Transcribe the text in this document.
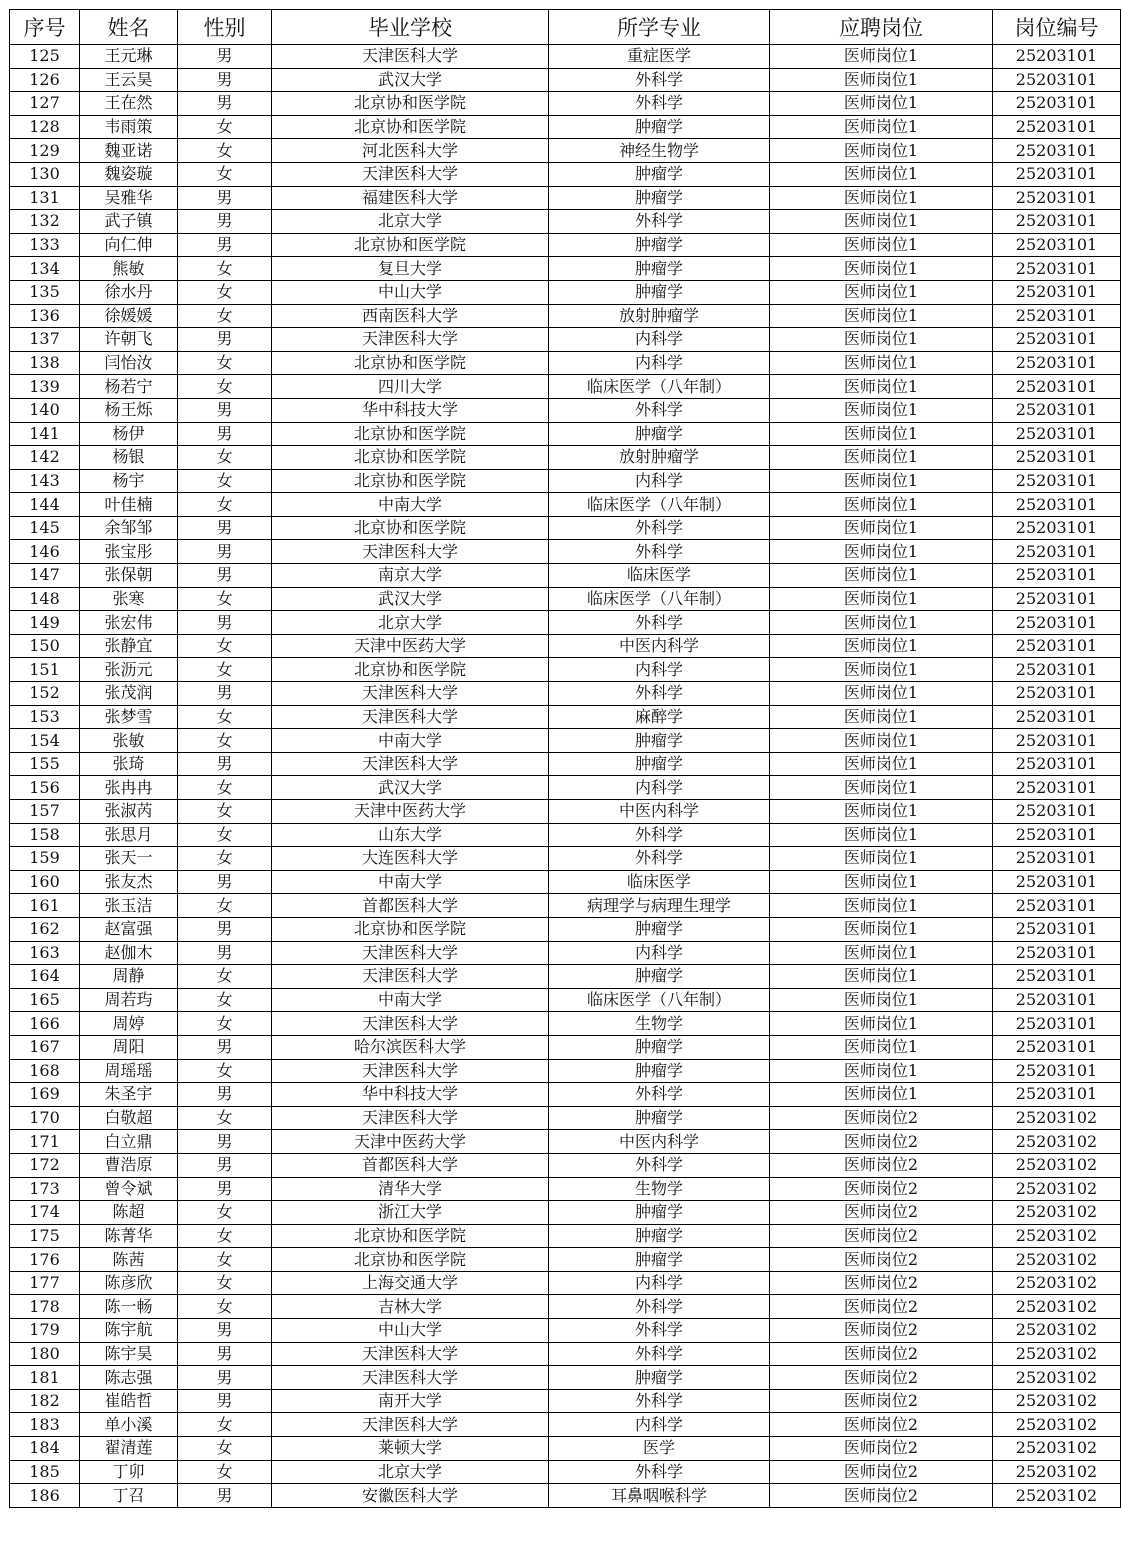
序号	姓名	性别	毕业学校	所学专业	应聘岗位	岗位编号
125	王元琳	男	天津医科大学	重症医学	医师岗位1	25203101
126	王云昊	男	武汉大学	外科学	医师岗位1	25203101
127	王在然	男	北京协和医学院	外科学	医师岗位1	25203101
128	韦雨策	女	北京协和医学院	肿瘤学	医师岗位1	25203101
129	魏亚诺	女	河北医科大学	神经生物学	医师岗位1	25203101
130	魏姿璇	女	天津医科大学	肿瘤学	医师岗位1	25203101
131	吴雅华	男	福建医科大学	肿瘤学	医师岗位1	25203101
132	武子镇	男	北京大学	外科学	医师岗位1	25203101
133	向仁伸	男	北京协和医学院	肿瘤学	医师岗位1	25203101
134	熊敏	女	复旦大学	肿瘤学	医师岗位1	25203101
135	徐水丹	女	中山大学	肿瘤学	医师岗位1	25203101
136	徐媛媛	女	西南医科大学	放射肿瘤学	医师岗位1	25203101
137	许朝飞	男	天津医科大学	内科学	医师岗位1	25203101
138	闫怡汝	女	北京协和医学院	内科学	医师岗位1	25203101
139	杨若宁	女	四川大学	临床医学（八年制）	医师岗位1	25203101
140	杨王烁	男	华中科技大学	外科学	医师岗位1	25203101
141	杨伊	男	北京协和医学院	肿瘤学	医师岗位1	25203101
142	杨银	女	北京协和医学院	放射肿瘤学	医师岗位1	25203101
143	杨宇	女	北京协和医学院	内科学	医师岗位1	25203101
144	叶佳楠	女	中南大学	临床医学（八年制）	医师岗位1	25203101
145	余邹邹	男	北京协和医学院	外科学	医师岗位1	25203101
146	张宝彤	男	天津医科大学	外科学	医师岗位1	25203101
147	张保朝	男	南京大学	临床医学	医师岗位1	25203101
148	张寒	女	武汉大学	临床医学（八年制）	医师岗位1	25203101
149	张宏伟	男	北京大学	外科学	医师岗位1	25203101
150	张静宜	女	天津中医药大学	中医内科学	医师岗位1	25203101
151	张沥元	女	北京协和医学院	内科学	医师岗位1	25203101
152	张茂润	男	天津医科大学	外科学	医师岗位1	25203101
153	张梦雪	女	天津医科大学	麻醉学	医师岗位1	25203101
154	张敏	女	中南大学	肿瘤学	医师岗位1	25203101
155	张琦	男	天津医科大学	肿瘤学	医师岗位1	25203101
156	张冉冉	女	武汉大学	内科学	医师岗位1	25203101
157	张淑芮	女	天津中医药大学	中医内科学	医师岗位1	25203101
158	张思月	女	山东大学	外科学	医师岗位1	25203101
159	张天一	女	大连医科大学	外科学	医师岗位1	25203101
160	张友杰	男	中南大学	临床医学	医师岗位1	25203101
161	张玉洁	女	首都医科大学	病理学与病理生理学	医师岗位1	25203101
162	赵富强	男	北京协和医学院	肿瘤学	医师岗位1	25203101
163	赵伽木	男	天津医科大学	内科学	医师岗位1	25203101
164	周静	女	天津医科大学	肿瘤学	医师岗位1	25203101
165	周若玙	女	中南大学	临床医学（八年制）	医师岗位1	25203101
166	周婷	女	天津医科大学	生物学	医师岗位1	25203101
167	周阳	男	哈尔滨医科大学	肿瘤学	医师岗位1	25203101
168	周瑶瑶	女	天津医科大学	肿瘤学	医师岗位1	25203101
169	朱圣宇	男	华中科技大学	外科学	医师岗位1	25203101
170	白敬超	女	天津医科大学	肿瘤学	医师岗位2	25203102
171	白立鼎	男	天津中医药大学	中医内科学	医师岗位2	25203102
172	曹浩原	男	首都医科大学	外科学	医师岗位2	25203102
173	曾令斌	男	清华大学	生物学	医师岗位2	25203102
174	陈超	女	浙江大学	肿瘤学	医师岗位2	25203102
175	陈菁华	女	北京协和医学院	肿瘤学	医师岗位2	25203102
176	陈茜	女	北京协和医学院	肿瘤学	医师岗位2	25203102
177	陈彦欣	女	上海交通大学	内科学	医师岗位2	25203102
178	陈一畅	女	吉林大学	外科学	医师岗位2	25203102
179	陈宇航	男	中山大学	外科学	医师岗位2	25203102
180	陈宇昊	男	天津医科大学	外科学	医师岗位2	25203102
181	陈志强	男	天津医科大学	肿瘤学	医师岗位2	25203102
182	崔皓哲	男	南开大学	外科学	医师岗位2	25203102
183	单小溪	女	天津医科大学	内科学	医师岗位2	25203102
184	翟清莲	女	莱顿大学	医学	医师岗位2	25203102
185	丁卯	女	北京大学	外科学	医师岗位2	25203102
186	丁召	男	安徽医科大学	耳鼻咽喉科学	医师岗位2	25203102
